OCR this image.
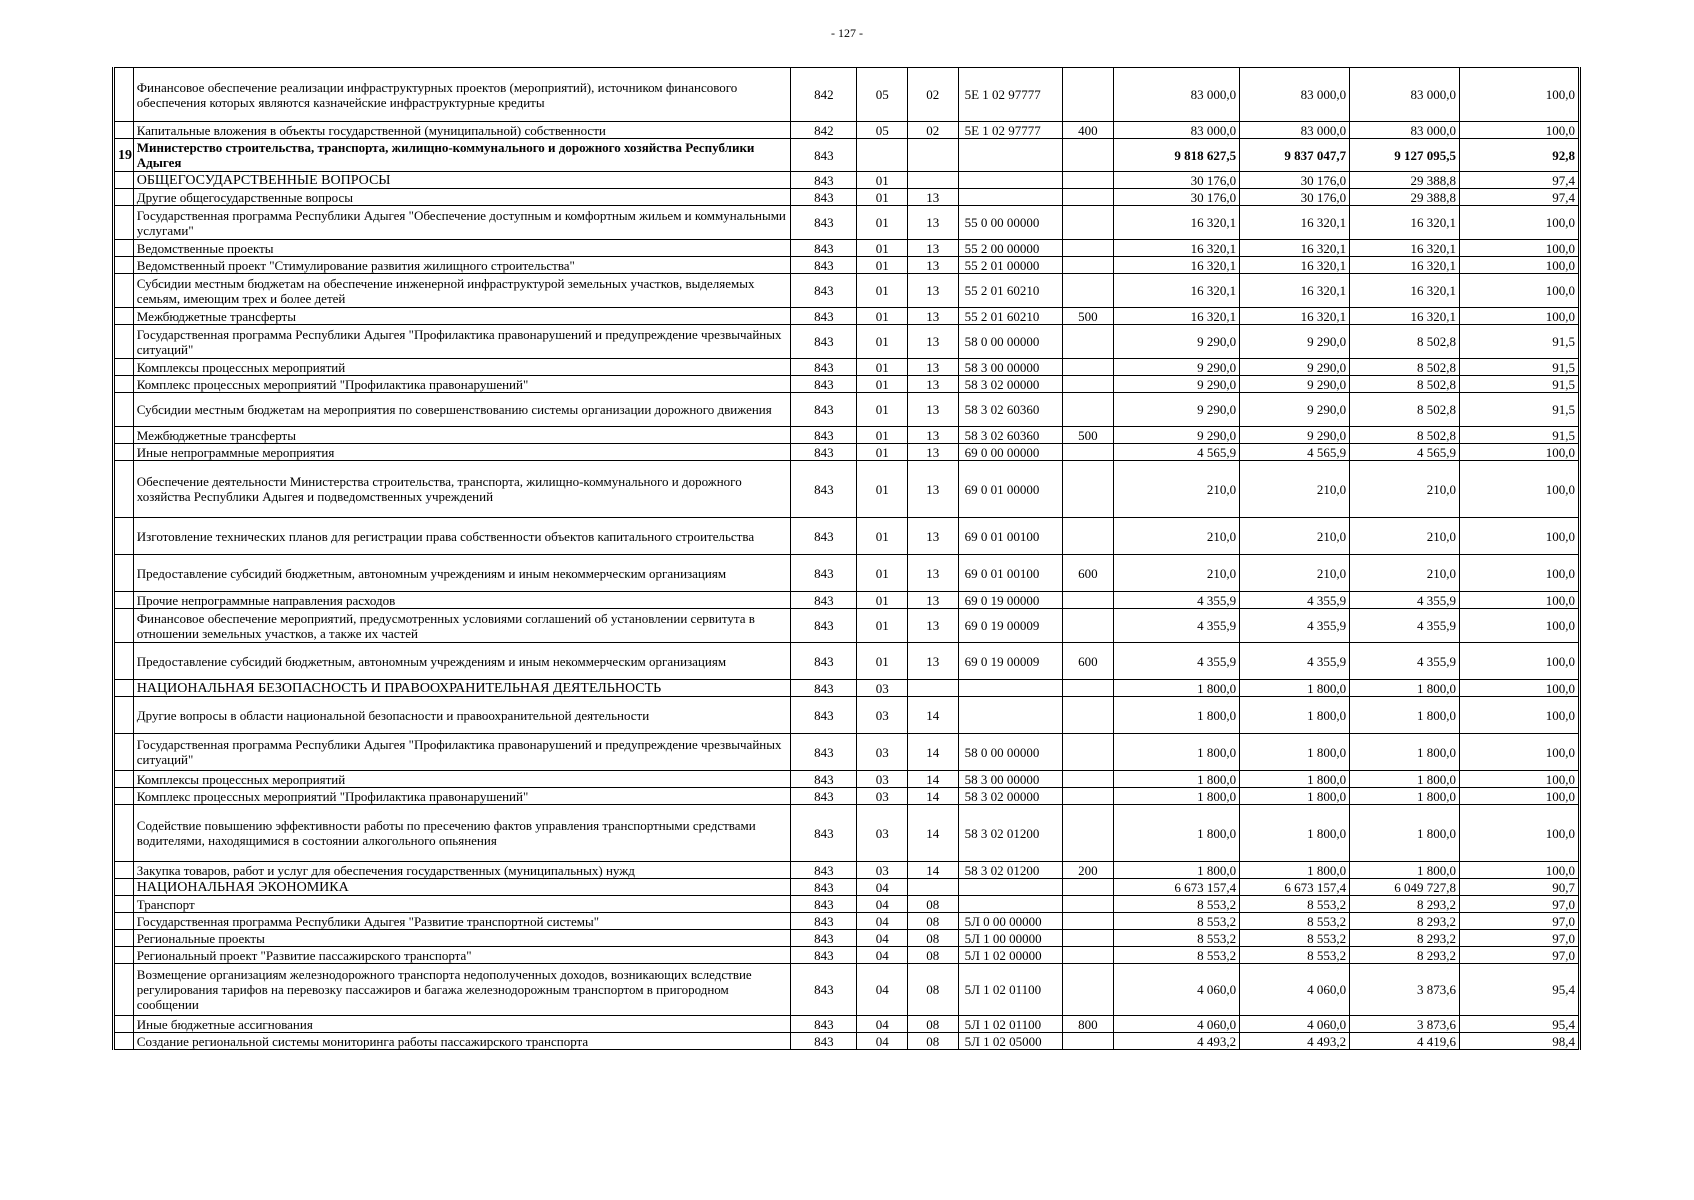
- 127 -
	Финансовое обеспечение реализации инфраструктурных проектов (мероприятий), источником финансового обеспечения которых являются казначейские инфраструктурные кредиты	842	05	02	5Е 1 02 97777		83 000,0	83 000,0	83 000,0	100,0
	Капитальные вложения в объекты государственной (муниципальной) собственности	842	05	02	5Е 1 02 97777	400	83 000,0	83 000,0	83 000,0	100,0
19	Министерство строительства, транспорта, жилищно-коммунального и дорожного хозяйства Республики Адыгея	843					9 818 627,5	9 837 047,7	9 127 095,5	92,8
	ОБЩЕГОСУДАРСТВЕННЫЕ ВОПРОСЫ	843	01				30 176,0	30 176,0	29 388,8	97,4
	Другие общегосударственные вопросы	843	01	13			30 176,0	30 176,0	29 388,8	97,4
	Государственная программа Республики Адыгея "Обеспечение доступным и комфортным жильем и коммунальными услугами"	843	01	13	55 0 00 00000		16 320,1	16 320,1	16 320,1	100,0
	Ведомственные проекты	843	01	13	55 2 00 00000		16 320,1	16 320,1	16 320,1	100,0
	Ведомственный проект "Стимулирование развития жилищного строительства"	843	01	13	55 2 01 00000		16 320,1	16 320,1	16 320,1	100,0
	Субсидии местным бюджетам на обеспечение инженерной инфраструктурой земельных участков, выделяемых семьям, имеющим трех и более детей	843	01	13	55 2 01 60210		16 320,1	16 320,1	16 320,1	100,0
	Межбюджетные трансферты	843	01	13	55 2 01 60210	500	16 320,1	16 320,1	16 320,1	100,0
	Государственная программа Республики Адыгея "Профилактика правонарушений и предупреждение чрезвычайных ситуаций"	843	01	13	58 0 00 00000		9 290,0	9 290,0	8 502,8	91,5
	Комплексы процессных мероприятий	843	01	13	58 3 00 00000		9 290,0	9 290,0	8 502,8	91,5
	Комплекс процессных мероприятий "Профилактика правонарушений"	843	01	13	58 3 02 00000		9 290,0	9 290,0	8 502,8	91,5
	Субсидии местным бюджетам на мероприятия по совершенствованию системы организации дорожного движения	843	01	13	58 3 02 60360		9 290,0	9 290,0	8 502,8	91,5
	Межбюджетные трансферты	843	01	13	58 3 02 60360	500	9 290,0	9 290,0	8 502,8	91,5
	Иные непрограммные мероприятия	843	01	13	69 0 00 00000		4 565,9	4 565,9	4 565,9	100,0
	Обеспечение деятельности Министерства строительства, транспорта, жилищно-коммунального и дорожного хозяйства Республики Адыгея и подведомственных учреждений	843	01	13	69 0 01 00000		210,0	210,0	210,0	100,0
	Изготовление технических планов для регистрации права собственности объектов капитального строительства	843	01	13	69 0 01 00100		210,0	210,0	210,0	100,0
	Предоставление субсидий бюджетным, автономным учреждениям и иным некоммерческим организациям	843	01	13	69 0 01 00100	600	210,0	210,0	210,0	100,0
	Прочие непрограммные направления расходов	843	01	13	69 0 19 00000		4 355,9	4 355,9	4 355,9	100,0
	Финансовое обеспечение мероприятий, предусмотренных условиями соглашений об установлении сервитута в отношении земельных участков, а также их частей	843	01	13	69 0 19 00009		4 355,9	4 355,9	4 355,9	100,0
	Предоставление субсидий бюджетным, автономным учреждениям и иным некоммерческим организациям	843	01	13	69 0 19 00009	600	4 355,9	4 355,9	4 355,9	100,0
	НАЦИОНАЛЬНАЯ БЕЗОПАСНОСТЬ И ПРАВООХРАНИТЕЛЬНАЯ ДЕЯТЕЛЬНОСТЬ	843	03				1 800,0	1 800,0	1 800,0	100,0
	Другие вопросы в области национальной безопасности и правоохранительной деятельности	843	03	14			1 800,0	1 800,0	1 800,0	100,0
	Государственная программа Республики Адыгея "Профилактика правонарушений и предупреждение чрезвычайных ситуаций"	843	03	14	58 0 00 00000		1 800,0	1 800,0	1 800,0	100,0
	Комплексы процессных мероприятий	843	03	14	58 3 00 00000		1 800,0	1 800,0	1 800,0	100,0
	Комплекс процессных мероприятий "Профилактика правонарушений"	843	03	14	58 3 02 00000		1 800,0	1 800,0	1 800,0	100,0
	Содействие повышению эффективности работы по пресечению фактов управления транспортными средствами водителями, находящимися в состоянии алкогольного опьянения	843	03	14	58 3 02 01200		1 800,0	1 800,0	1 800,0	100,0
	Закупка товаров, работ и услуг для обеспечения государственных (муниципальных) нужд	843	03	14	58 3 02 01200	200	1 800,0	1 800,0	1 800,0	100,0
	НАЦИОНАЛЬНАЯ ЭКОНОМИКА	843	04				6 673 157,4	6 673 157,4	6 049 727,8	90,7
	Транспорт	843	04	08			8 553,2	8 553,2	8 293,2	97,0
	Государственная программа Республики Адыгея "Развитие транспортной системы"	843	04	08	5Л 0 00 00000		8 553,2	8 553,2	8 293,2	97,0
	Региональные проекты	843	04	08	5Л 1 00 00000		8 553,2	8 553,2	8 293,2	97,0
	Региональный проект "Развитие пассажирского транспорта"	843	04	08	5Л 1 02 00000		8 553,2	8 553,2	8 293,2	97,0
	Возмещение организациям железнодорожного транспорта недополученных доходов, возникающих вследствие регулирования тарифов на перевозку пассажиров и багажа железнодорожным транспортом в пригородном сообщении	843	04	08	5Л 1 02 01100		4 060,0	4 060,0	3 873,6	95,4
	Иные бюджетные ассигнования	843	04	08	5Л 1 02 01100	800	4 060,0	4 060,0	3 873,6	95,4
	Создание региональной системы мониторинга работы пассажирского транспорта	843	04	08	5Л 1 02 05000		4 493,2	4 493,2	4 419,6	98,4
